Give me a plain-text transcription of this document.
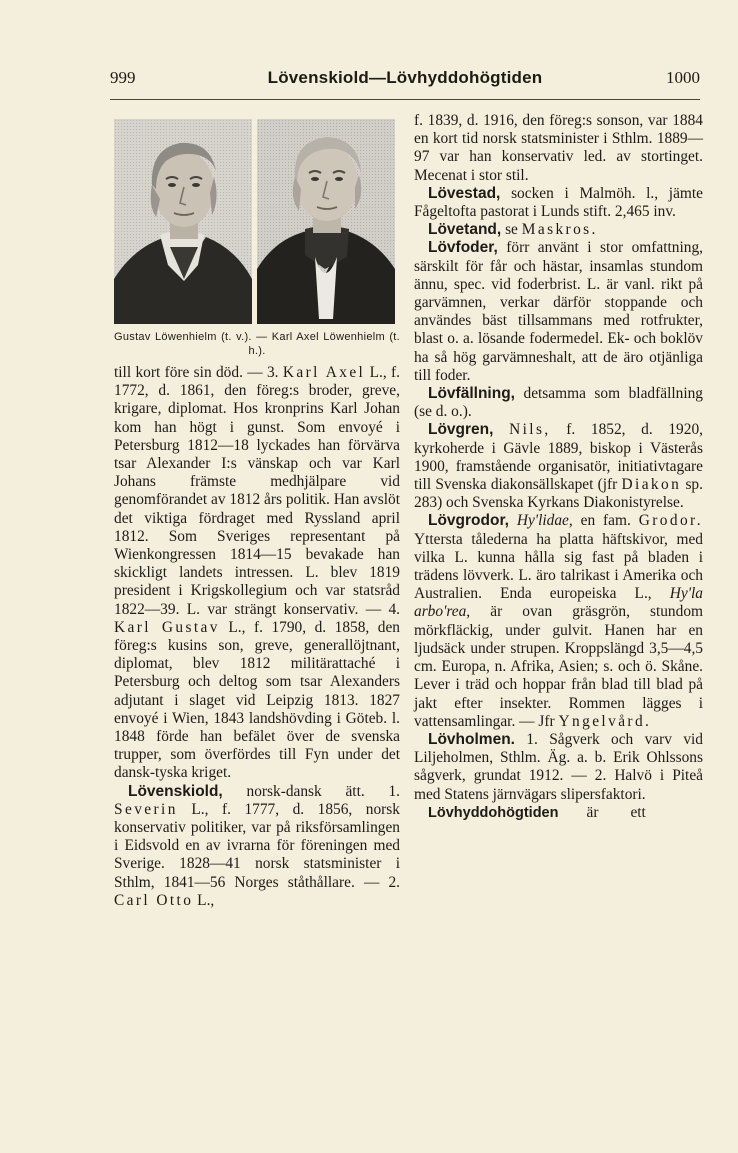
999	Lövenskiold—Lövhyddohögtiden	1000
Gustav Löwenhielm (t. v.). — Karl Axel Löwenhielm (t. h.).

till kort före sin död. — 3. Karl Axel L., f. 1772, d. 1861, den föreg:s broder, greve, krigare, diplomat. Hos kronprins Karl Johan kom han högt i gunst. Som envoyé i Petersburg 1812—18 lyckades han förvärva tsar Alexander I:s vänskap och var Karl Johans främste medhjälpare vid genomförandet av 1812 års politik. Han avslöt det viktiga fördraget med Ryssland april 1812. Som Sveriges representant på Wienkongressen 1814—15 bevakade han skickligt landets intressen. L. blev 1819 president i Krigskollegium och var statsråd 1822—39. L. var strängt konservativ. — 4. Karl Gustav L., f. 1790, d. 1858, den föreg:s kusins son, greve, generallöjtnant, diplomat, blev 1812 militärattaché i Petersburg och deltog som tsar Alexanders adjutant i slaget vid Leipzig 1813. 1827 envoyé i Wien, 1843 landshövding i Göteb. l. 1848 förde han befälet över de svenska trupper, som överfördes till Fyn under det dansk-tyska kriget.

Lövenskiold, norsk-dansk ätt. 1. Severin L., f. 1777, d. 1856, norsk konservativ politiker, var på riksförsamlingen i Eidsvold en av ivrarna för föreningen med Sverige. 1828—41 norsk statsminister i Sthlm, 1841—56 Norges ståthållare. — 2. Carl Otto L.,

f. 1839, d. 1916, den föreg:s sonson, var 1884 en kort tid norsk statsminister i Sthlm. 1889—97 var han konservativ led. av stortinget. Mecenat i stor stil.

Lövestad, socken i Malmöh. l., jämte Fågeltofta pastorat i Lunds stift. 2,465 inv.

Lövetand, se Maskros.

Lövfoder, förr använt i stor omfattning, särskilt för får och hästar, insamlas stundom ännu, spec. vid foderbrist. L. är vanl. rikt på garvämnen, verkar därför stoppande och användes bäst tillsammans med rotfrukter, blast o. a. lösande fodermedel. Ek- och boklöv ha så hög garvämneshalt, att de äro otjänliga till foder.

Lövfällning, detsamma som bladfällning (se d. o.).

Lövgren, Nils, f. 1852, d. 1920, kyrkoherde i Gävle 1889, biskop i Västerås 1900, framstående organisatör, initiativtagare till Svenska diakonsällskapet (jfr Diakon sp. 283) och Svenska Kyrkans Diakonistyrelse.

Lövgrodor, Hy'lidae, en fam. Grodor. Yttersta tålederna ha platta häftskivor, med vilka L. kunna hålla sig fast på bladen i trädens lövverk. L. äro talrikast i Amerika och Australien. Enda europeiska L., Hy'la arbo'rea, är ovan gräsgrön, stundom mörkfläckig, under gulvit. Hanen har en ljudsäck under strupen. Kroppslängd 3,5—4,5 cm. Europa, n. Afrika, Asien; s. och ö. Skåne. Lever i träd och hoppar från blad till blad på jakt efter insekter. Rommen lägges i vattensamlingar. — Jfr Yngelvård.

Lövholmen. 1. Sågverk och varv vid Liljeholmen, Sthlm. Äg. a. b. Erik Ohlssons sågverk, grundat 1912. — 2. Halvö i Piteå med Statens järnvägars slipersfaktori.

Lövhyddohögtiden är ett
